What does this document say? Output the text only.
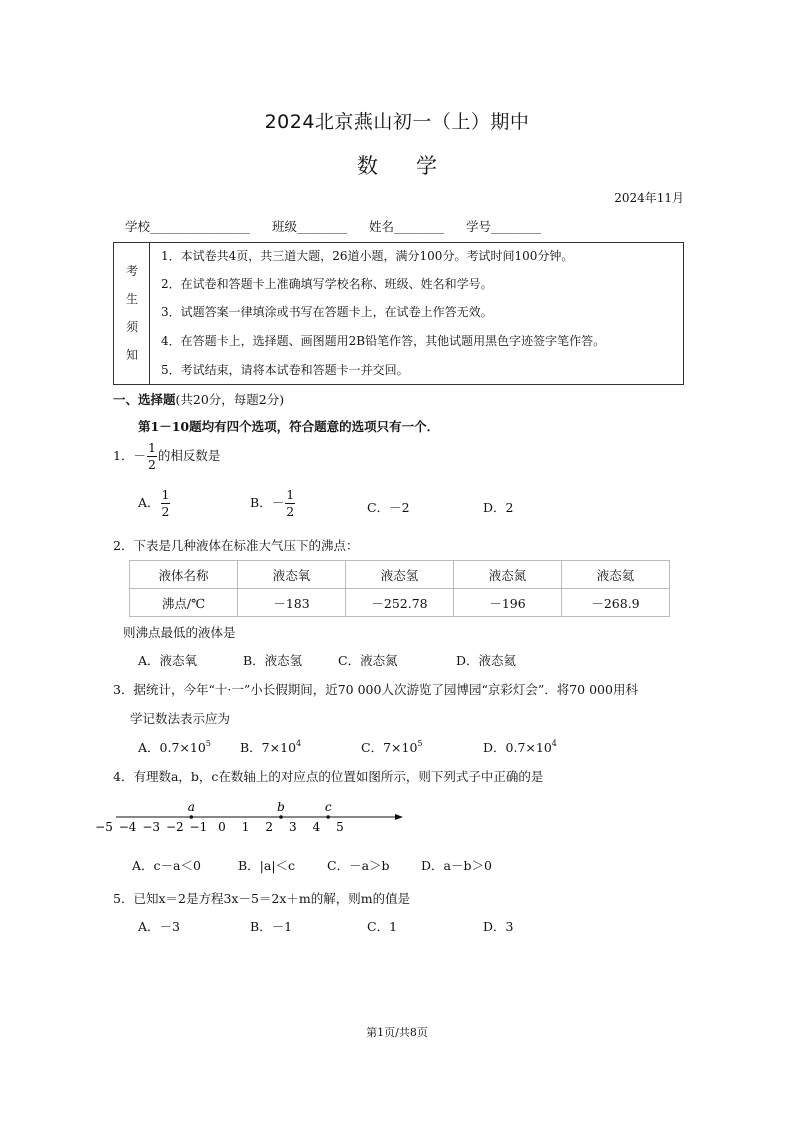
2024北京燕山初一（上）期中
数学
2024年11月
学校________________ 班级________ 姓名________ 学号________
考
生
须
知
1．本试卷共4页，共三道大题，26道小题，满分100分。考试时间100分钟。
2．在试卷和答题卡上准确填写学校名称、班级、姓名和学号。
3．试题答案一律填涂或书写在答题卡上，在试卷上作答无效。
4．在答题卡上，选择题、画图题用2B铅笔作答，其他试题用黑色字迹签字笔作答。
5．考试结束，请将本试卷和答题卡一并交回。
一、选择题(共20分，每题2分)
第1－10题均有四个选项，符合题意的选项只有一个．
1．－ $\frac{1}{2}$ 的相反数是
A． $\frac{1}{2}$	B．－ $\frac{1}{2}$	C．－2	D．2
2．下表是几种液体在标准大气压下的沸点：
液体名称	液态氧	液态氢	液态氮	液态氦
沸点/℃	－183	－252.78	－196	－268.9
则沸点最低的液体是
A．液态氧	B．液态氢	C．液态氮	D．液态氦
3．据统计，今年“十·一”小长假期间，近70 000人次游览了园博园“京彩灯会”．将70 000用科
学记数法表示应为
A．$0.7\times 10^5$ B．$7\times 10^4$	C．$7\times 10^5$	D．$0.7\times 10^4$
4．有理数a，b，c在数轴上的对应点的位置如图所示，则下列式子中正确的是
−5 −4 −3 −2 −1 0 1 2 3 4 5
a	b	c
A．c－a＜0	B．|a|＜c	C．－a＞b	D．a－b＞0
5．已知x＝2是方程3x－5＝2x＋m的解，则m的值是
A．－3	B．－1	C．1	D．3
第1页/共8页
